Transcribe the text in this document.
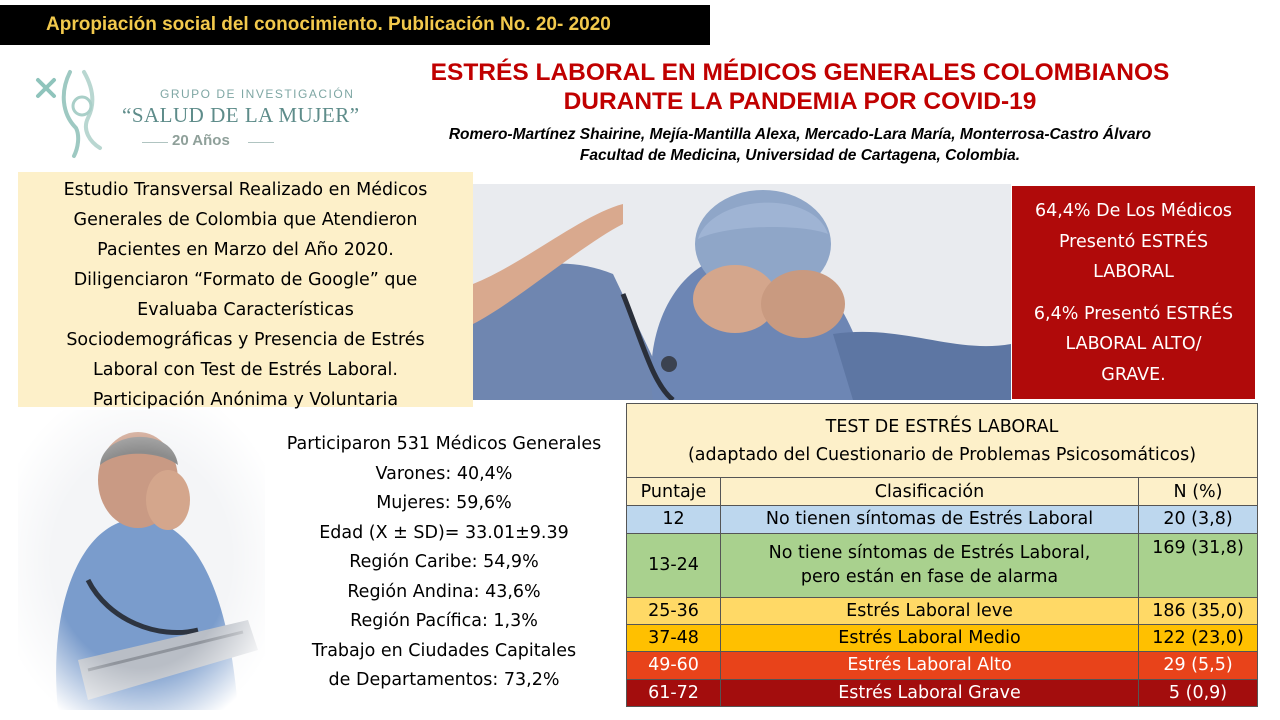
Apropiación social del conocimiento. Publicación No. 20- 2020
GRUPO DE INVESTIGACIÓN
“SALUD DE LA MUJER”
20 Años
ESTRÉS LABORAL EN MÉDICOS GENERALES COLOMBIANOS
DURANTE LA PANDEMIA POR COVID-19
Romero-Martínez Shairine, Mejía-Mantilla Alexa, Mercado-Lara María, Monterrosa-Castro Álvaro
Facultad de Medicina, Universidad de Cartagena, Colombia.
Estudio Transversal Realizado en Médicos
Generales de Colombia que Atendieron
Pacientes en Marzo del Año 2020.
Diligenciaron “Formato de Google” que
Evaluaba Características
Sociodemográficas y Presencia de Estrés
Laboral con Test de Estrés Laboral.
Participación Anónima y Voluntaria

64,4% De Los Médicos
Presentó ESTRÉS
LABORAL

6,4% Presentó ESTRÉS
LABORAL ALTO/
GRAVE.

Participaron 531 Médicos Generales
Varones: 40,4%
Mujeres: 59,6%
Edad (X ± SD)= 33.01±9.39
Región Caribe: 54,9%
Región Andina: 43,6%
Región Pacífica: 1,3%
Trabajo en Ciudades Capitales
de Departamentos: 73,2%
TEST DE ESTRÉS LABORAL
(adaptado del Cuestionario de Problemas Psicosomáticos)		

Puntaje	Clasificación	N (%)
12	No tienen síntomas de Estrés Laboral	20 (3,8)
13-24	No tiene síntomas de Estrés Laboral,
pero están en fase de alarma	169 (31,8)
25-36	Estrés Laboral leve	186 (35,0)
37-48	Estrés Laboral Medio	122 (23,0)
49-60	Estrés Laboral Alto	29 (5,5)
61-72	Estrés Laboral Grave	5 (0,9)
